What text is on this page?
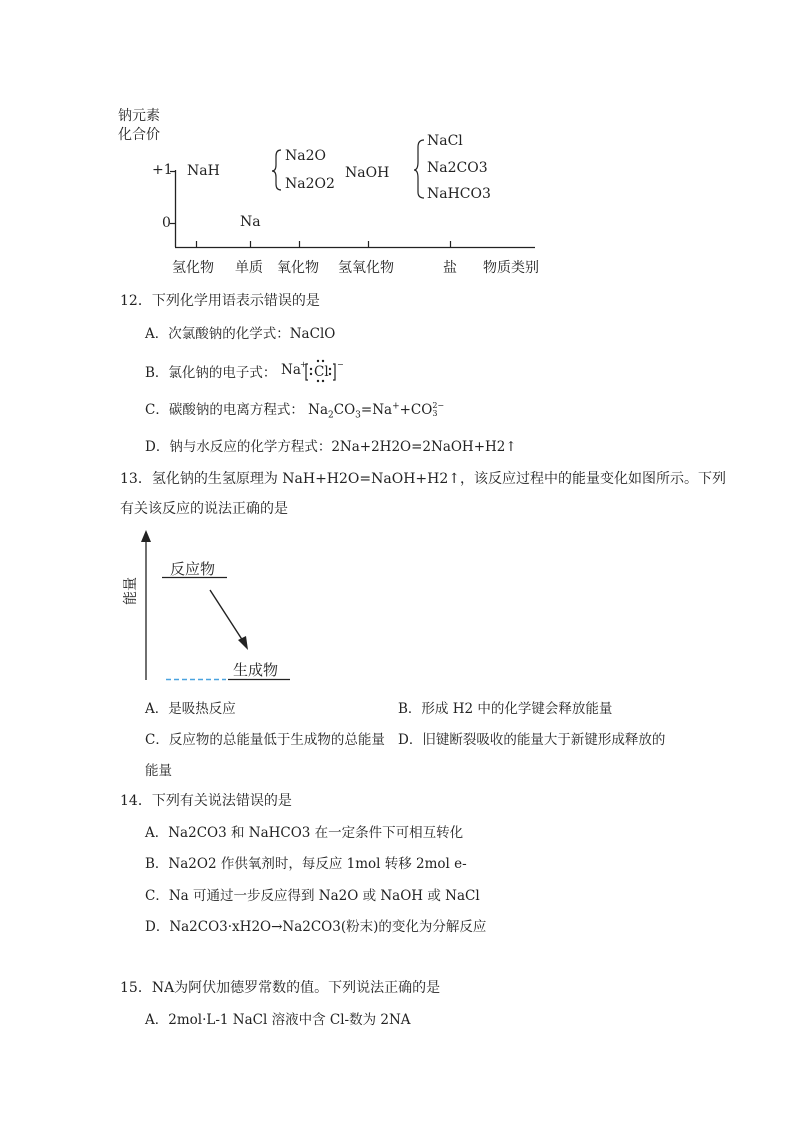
钠元素
化合价
+1
0
NaH
Na
Na2O
Na2O2
NaOH
NaCl
Na2CO3
NaHCO3
氢化物 单质 氧化物 氢氧化物	盐 物质类别
12．下列化学用语表示错误的是
A．次氯酸钠的化学式：NaClO
B．氯化钠的电子式： Na + Cl −
C．碳酸钠的电离方程式： $Na_2CO_3=Na^++CO$ 2−
3
D．钠与水反应的化学方程式：2Na+2H2O=2NaOH+H2↑
13．氢化钠的生氢原理为 NaH+H2O=NaOH+H2↑，该反应过程中的能量变化如图所示。下列
有关该反应的说法正确的是
反应物
生成物
能量
A．是吸热反应	B．形成 H2 中的化学键会释放能量
C．反应物的总能量低于生成物的总能量 D．旧键断裂吸收的能量大于新键形成释放的
能量
14．下列有关说法错误的是
A．Na2CO3 和 NaHCO3 在一定条件下可相互转化
B．Na2O2 作供氧剂时，每反应 1mol 转移 2mol e-
C．Na 可通过一步反应得到 Na2O 或 NaOH 或 NaCl
D．Na2CO3·xH2O→Na2CO3(粉末)的变化为分解反应
15．NA为阿伏加德罗常数的值。下列说法正确的是
A．2mol·L-1 NaCl 溶液中含 Cl-数为 2NA
